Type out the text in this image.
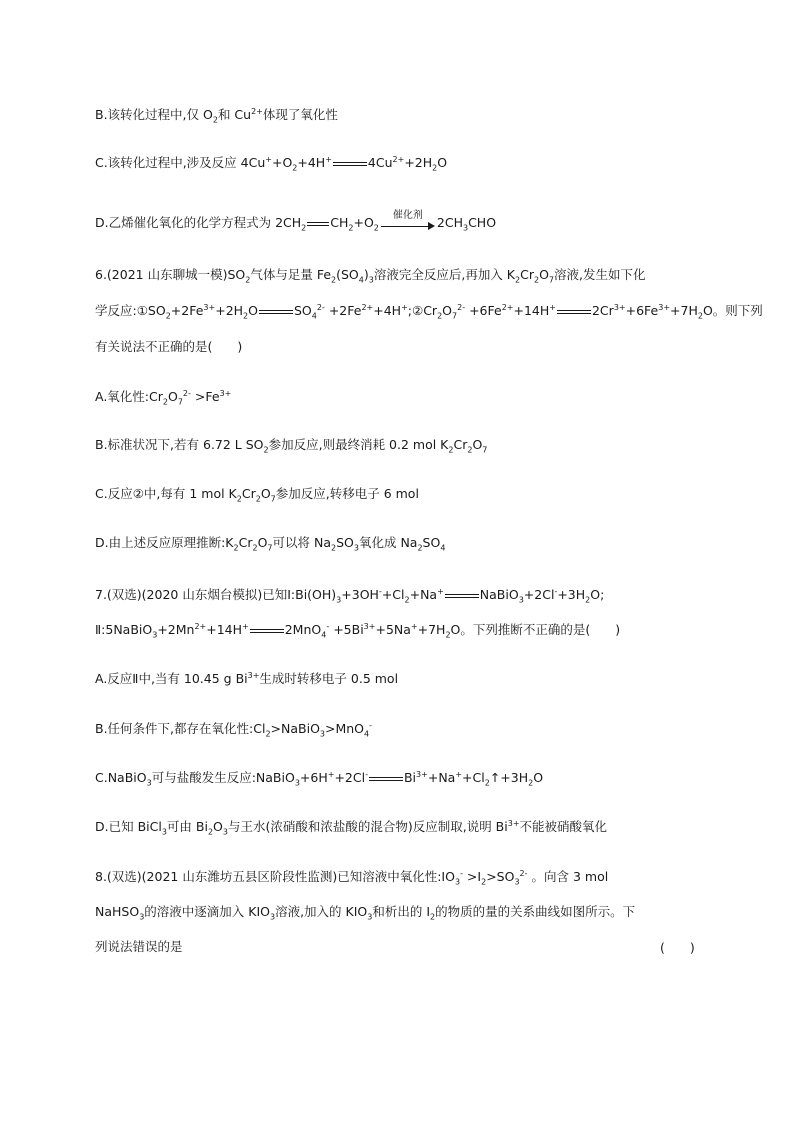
B.该转化过程中,仅 $O_2$和 $Cu^{2+}$体现了氧化性
C.该转化过程中,涉及反应 $4Cu^++O_2+4H^+$	$4Cu^{2+}+2H_2O$
D.乙烯催化氧化的化学方程式为 $2CH_2$ $CH_2+O_2$
催化剂	$2CH_3CHO$
6.(2021 山东聊城一模)$SO_2$气体与足量 $Fe_2(SO_4)_3$溶液完全反应后,再加入 $K_2Cr_2O_7$溶液,发生如下化
学反应$:①SO_2+2Fe^{3+}+2H_2O$	$SO_4^{2-}$ $+2Fe^{2+}+4H^+;②Cr_2O_7^{2-} +6Fe^{2+}+14H^+$	$2Cr^{3+}+6Fe^{3+}+7H_2O$。则下列
有关说法不正确的是(　　)
A.氧化性$:Cr_2O_7^{2-} >Fe^{3+}$
B.标准状况下,若有 6.72 L $SO_2$参加反应,则最终消耗 0.2 mol $K_2Cr_2O_7$
C.反应②中,每有 1 mol $K_2Cr_2O_7$参加反应,转移电子 6 mol
D.由上述反应原理推断$:K_2Cr_2O_7$可以将 $Na_2SO_3$氧化成 $Na_2SO_4$
7.(双选)(2020 山东烟台模拟)已知$Ⅰ:Bi(OH)_3+3OH^-+Cl_2+Na^+$	$NaBiO_3+2Cl^-+3H_2O$;
$Ⅱ:5NaBiO_3+2Mn^{2+}+14H^+$	$2MnO_4^- +5Bi^{3+}+5Na^++7H_2O$。下列推断不正确的是(　　)
A.反应Ⅱ中,当有 10.45 g $Bi^{3+}$生成时转移电子 0.5 mol
B.任何条件下,都存在氧化性$:Cl_2>NaBiO_3>MnO_4^-$
C.NaBiO$_3$可与盐酸发生反应:NaBiO$_3$+6H++2Cl-	$Bi^{3+}+Na^++Cl_2↑+3H_2O$
D.已知 BiCl$_3$可由 $Bi_2O_3$与王水(浓硝酸和浓盐酸的混合物)反应制取,说明 $Bi^{3+}$不能被硝酸氧化
8.(双选)(2021 山东潍坊五县区阶段性监测)已知溶液中氧化性$:IO_3^- >I_2>SO_3^{2-}$ 。向含 3 mol
NaHSO$_3$的溶液中逐滴加入 $KIO_3$溶液,加入的 $KIO_3$和析出的 $I_2$的物质的量的关系曲线如图所示。下
列说法错误的是	(　　)
